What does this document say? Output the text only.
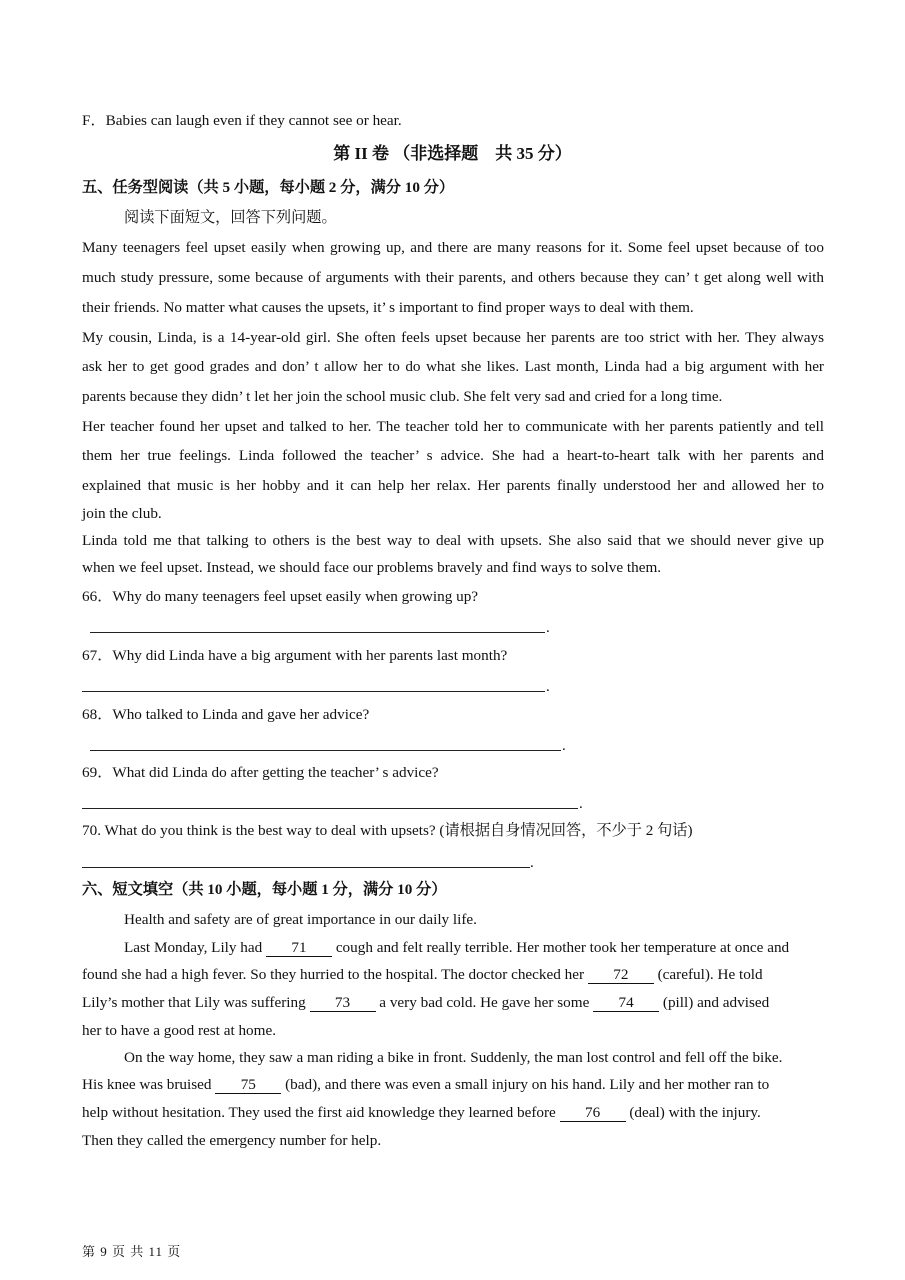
F．Babies can laugh even if they cannot see or hear.
第 II 卷 （非选择题　共 35 分）
五、任务型阅读（共 5 小题，每小题 2 分，满分 10 分）
阅读下面短文，回答下列问题。
Many teenagers feel upset easily when growing up, and there are many reasons for it. Some feel upset because of too
much study pressure, some because of arguments with their parents, and others because they can’ t get along well with
their friends. No matter what causes the upsets, it’ s important to find proper ways to deal with them.
My cousin, Linda, is a 14-year-old girl. She often feels upset because her parents are too strict with her. They always
ask her to get good grades and don’ t allow her to do what she likes. Last month, Linda had a big argument with her
parents because they didn’ t let her join the school music club. She felt very sad and cried for a long time.
Her teacher found her upset and talked to her. The teacher told her to communicate with her parents patiently and tell
them her true feelings. Linda followed the teacher’ s advice. She had a heart-to-heart talk with her parents and
explained that music is her hobby and it can help her relax. Her parents finally understood her and allowed her to
join the club.
Linda told me that talking to others is the best way to deal with upsets. She also said that we should never give up
when we feel upset. Instead, we should face our problems bravely and find ways to solve them.
66．Why do many teenagers feel upset easily when growing up?
.
67．Why did Linda have a big argument with her parents last month?
.
68．Who talked to Linda and gave her advice?
.
69．What did Linda do after getting the teacher’ s advice?
.
70. What do you think is the best way to deal with upsets? (请根据自身情况回答，不少于 2 句话)
.
六、短文填空（共 10 小题，每小题 1 分，满分 10 分）
Health and safety are of great importance in our daily life.
Last Monday, Lily had 71 cough and felt really terrible. Her mother took her temperature at once and
found she had a high fever. So they hurried to the hospital. The doctor checked her 72 (careful). He told
Lily’s mother that Lily was suffering 73 a very bad cold. He gave her some 74 (pill) and advised
her to have a good rest at home.
On the way home, they saw a man riding a bike in front. Suddenly, the man lost control and fell off the bike.
His knee was bruised 75 (bad), and there was even a small injury on his hand. Lily and her mother ran to
help without hesitation. They used the first aid knowledge they learned before 76 (deal) with the injury.
Then they called the emergency number for help.
第 9 页 共 11 页
